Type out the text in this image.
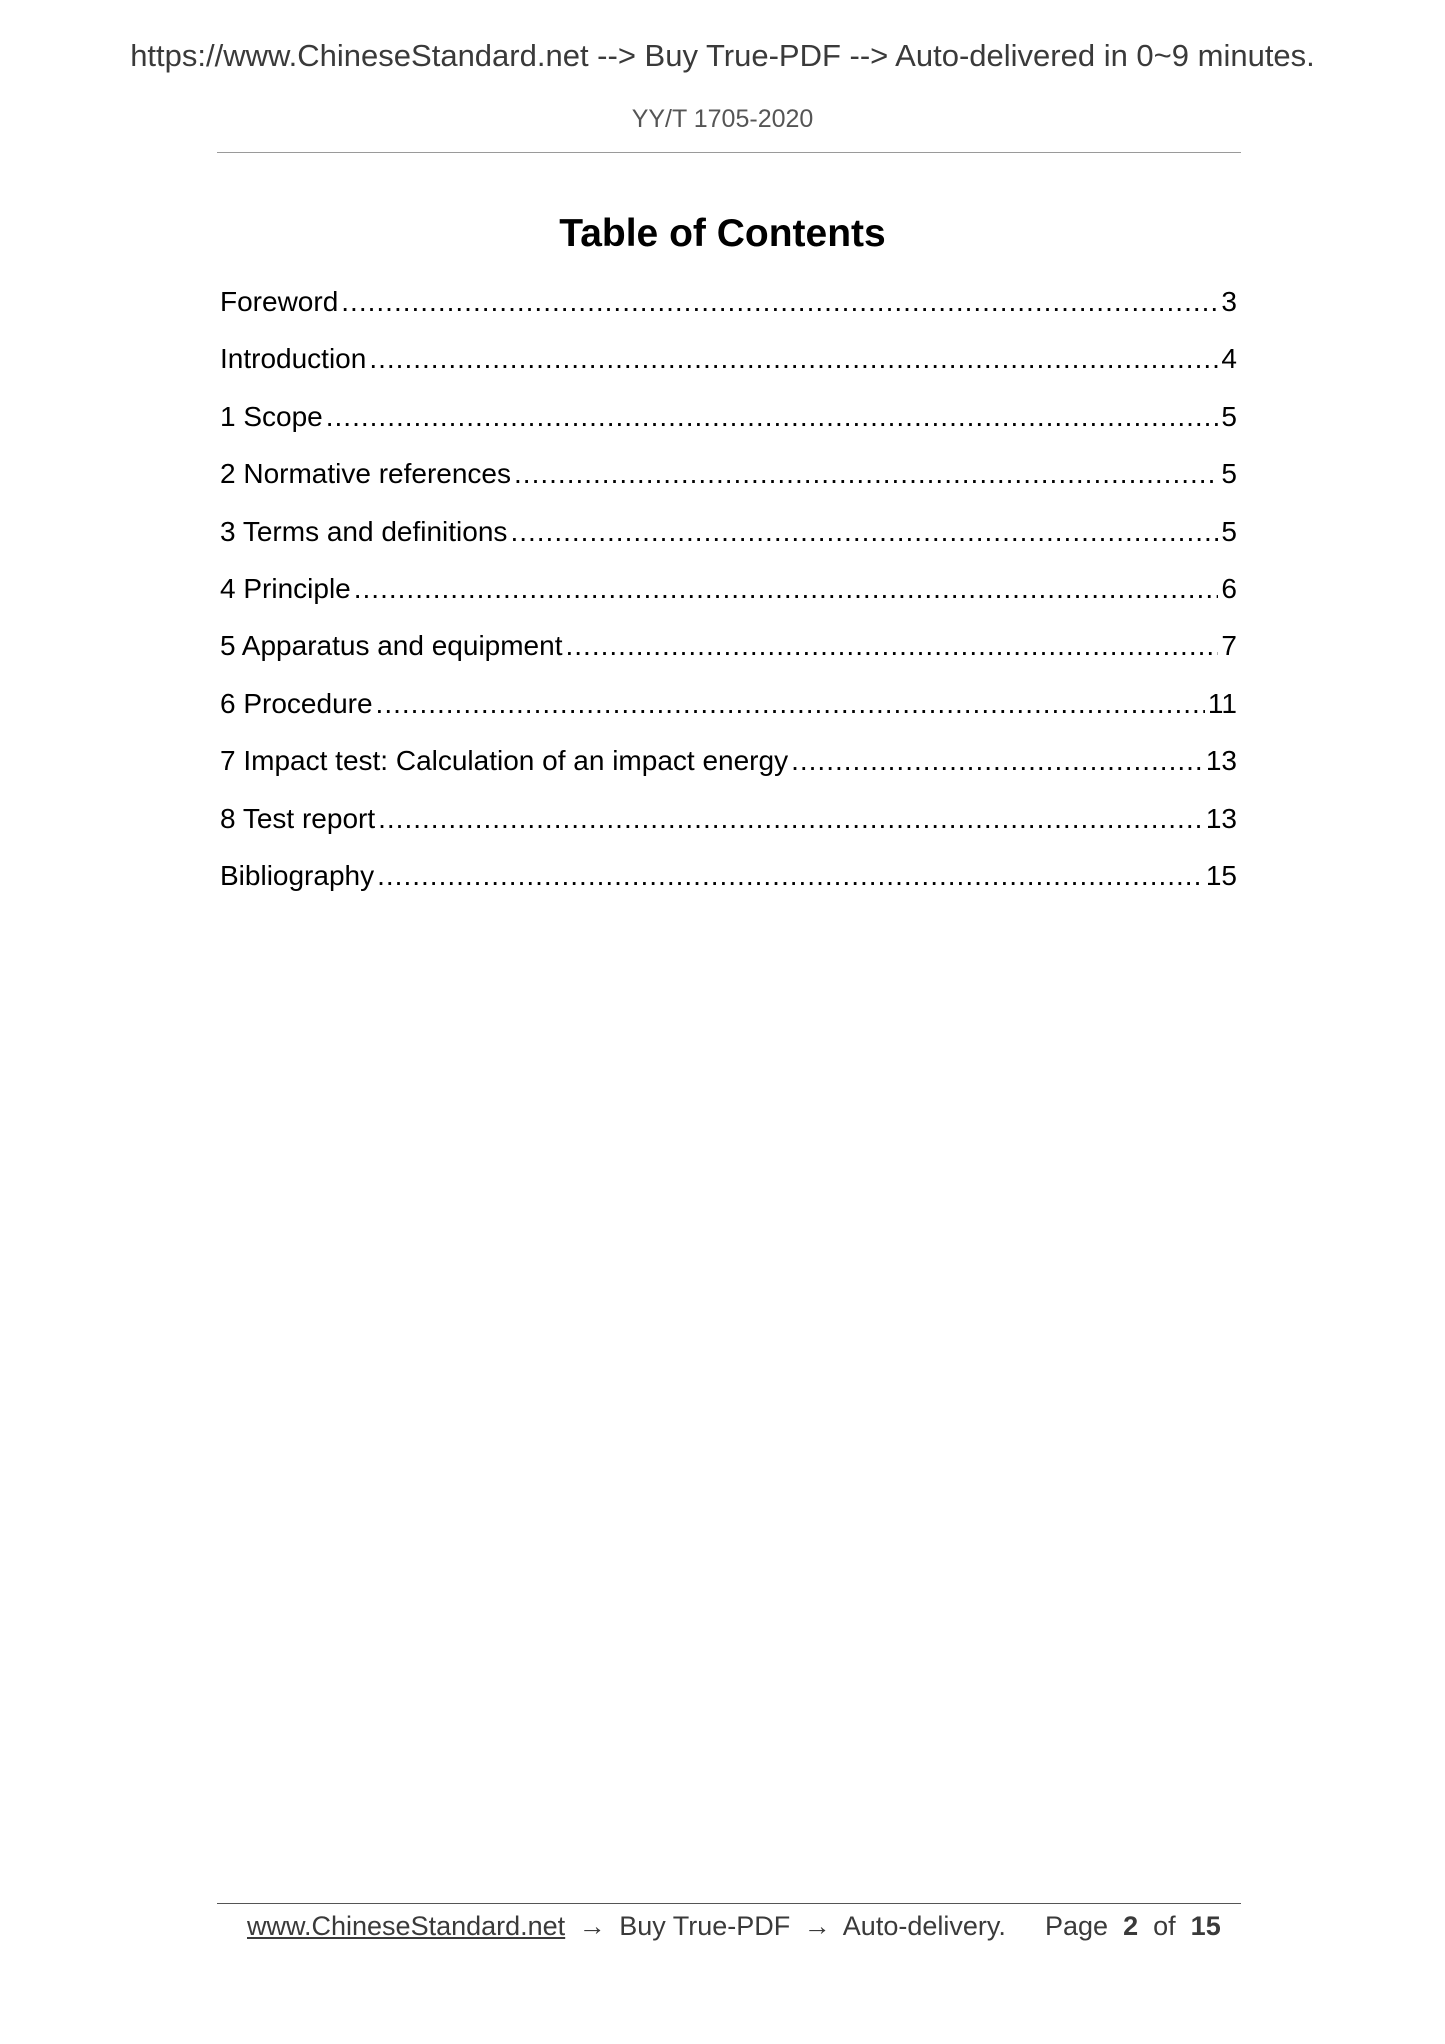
https://www.ChineseStandard.net --> Buy True-PDF --> Auto-delivered in 0~9 minutes.
YY/T 1705-2020
Table of Contents
Foreword .....	3
Introduction .....	4
1 Scope .....	5
2 Normative references .....	5
3 Terms and definitions .....	5
4 Principle .....	6
5 Apparatus and equipment .....	7
6 Procedure .....	11
7 Impact test: Calculation of an impact energy .....	13
8 Test report .....	13
Bibliography .....	15
www.ChineseStandard.net → Buy True-PDF → Auto-delivery. Page 2 of 15
